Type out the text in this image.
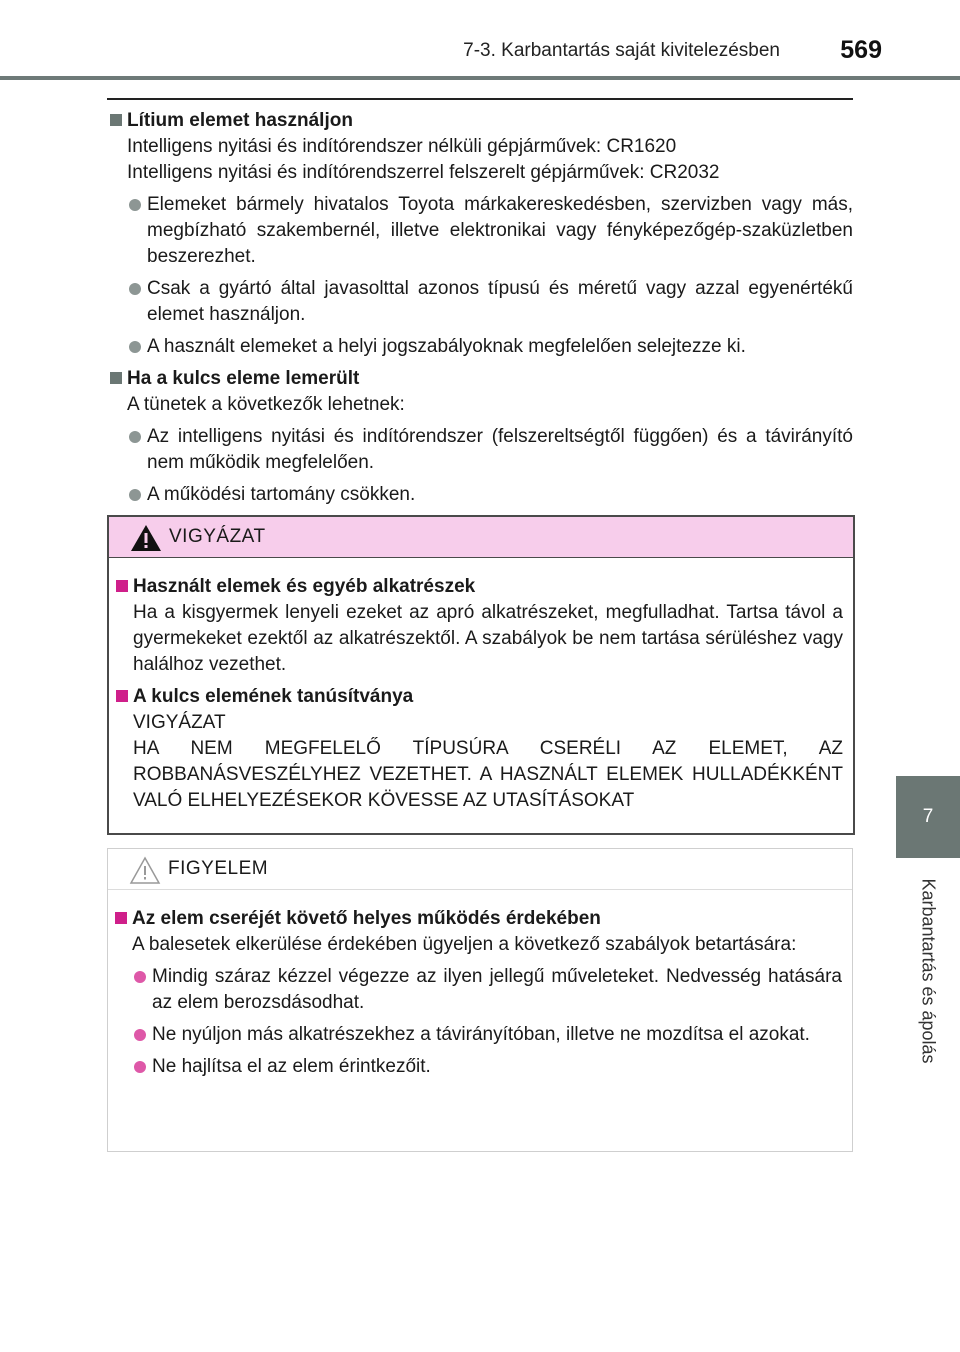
7-3. Karbantartás saját kivitelezésben 569
7
Karbantartás és ápolás
Lítium elemet használjon
Intelligens nyitási és indítórendszer nélküli gépjárművek: CR1620
Intelligens nyitási és indítórendszerrel felszerelt gépjárművek: CR2032
Elemeket bármely hivatalos Toyota márkakereskedésben, szervizben vagy más, megbízható szakembernél, illetve elektronikai vagy fényképezőgép-szaküzletben beszerezhet.
Csak a gyártó által javasolttal azonos típusú és méretű vagy azzal egyenértékű elemet használjon.
A használt elemeket a helyi jogszabályoknak megfelelően selejtezze ki.
Ha a kulcs eleme lemerült
A tünetek a következők lehetnek:
Az intelligens nyitási és indítórendszer (felszereltségtől függően) és a távirányító nem működik megfelelően.
A működési tartomány csökken.
VIGYÁZAT
Használt elemek és egyéb alkatrészek
Ha a kisgyermek lenyeli ezeket az apró alkatrészeket, megfulladhat. Tartsa távol a gyermekeket ezektől az alkatrészektől. A szabályok be nem tartása sérüléshez vagy halálhoz vezethet.
A kulcs elemének tanúsítványa
VIGYÁZAT
HA NEM MEGFELELŐ TÍPUSÚRA CSERÉLI AZ ELEMET, AZ ROBBANÁSVESZÉLYHEZ VEZETHET. A HASZNÁLT ELEMEK HULLADÉKKÉNT VALÓ ELHELYEZÉSEKOR KÖVESSE AZ UTASÍTÁSOKAT
FIGYELEM
Az elem cseréjét követő helyes működés érdekében
A balesetek elkerülése érdekében ügyeljen a következő szabályok betartására:
Mindig száraz kézzel végezze az ilyen jellegű műveleteket. Nedvesség hatására az elem berozsdásodhat.
Ne nyúljon más alkatrészekhez a távirányítóban, illetve ne mozdítsa el azokat.
Ne hajlítsa el az elem érintkezőit.
